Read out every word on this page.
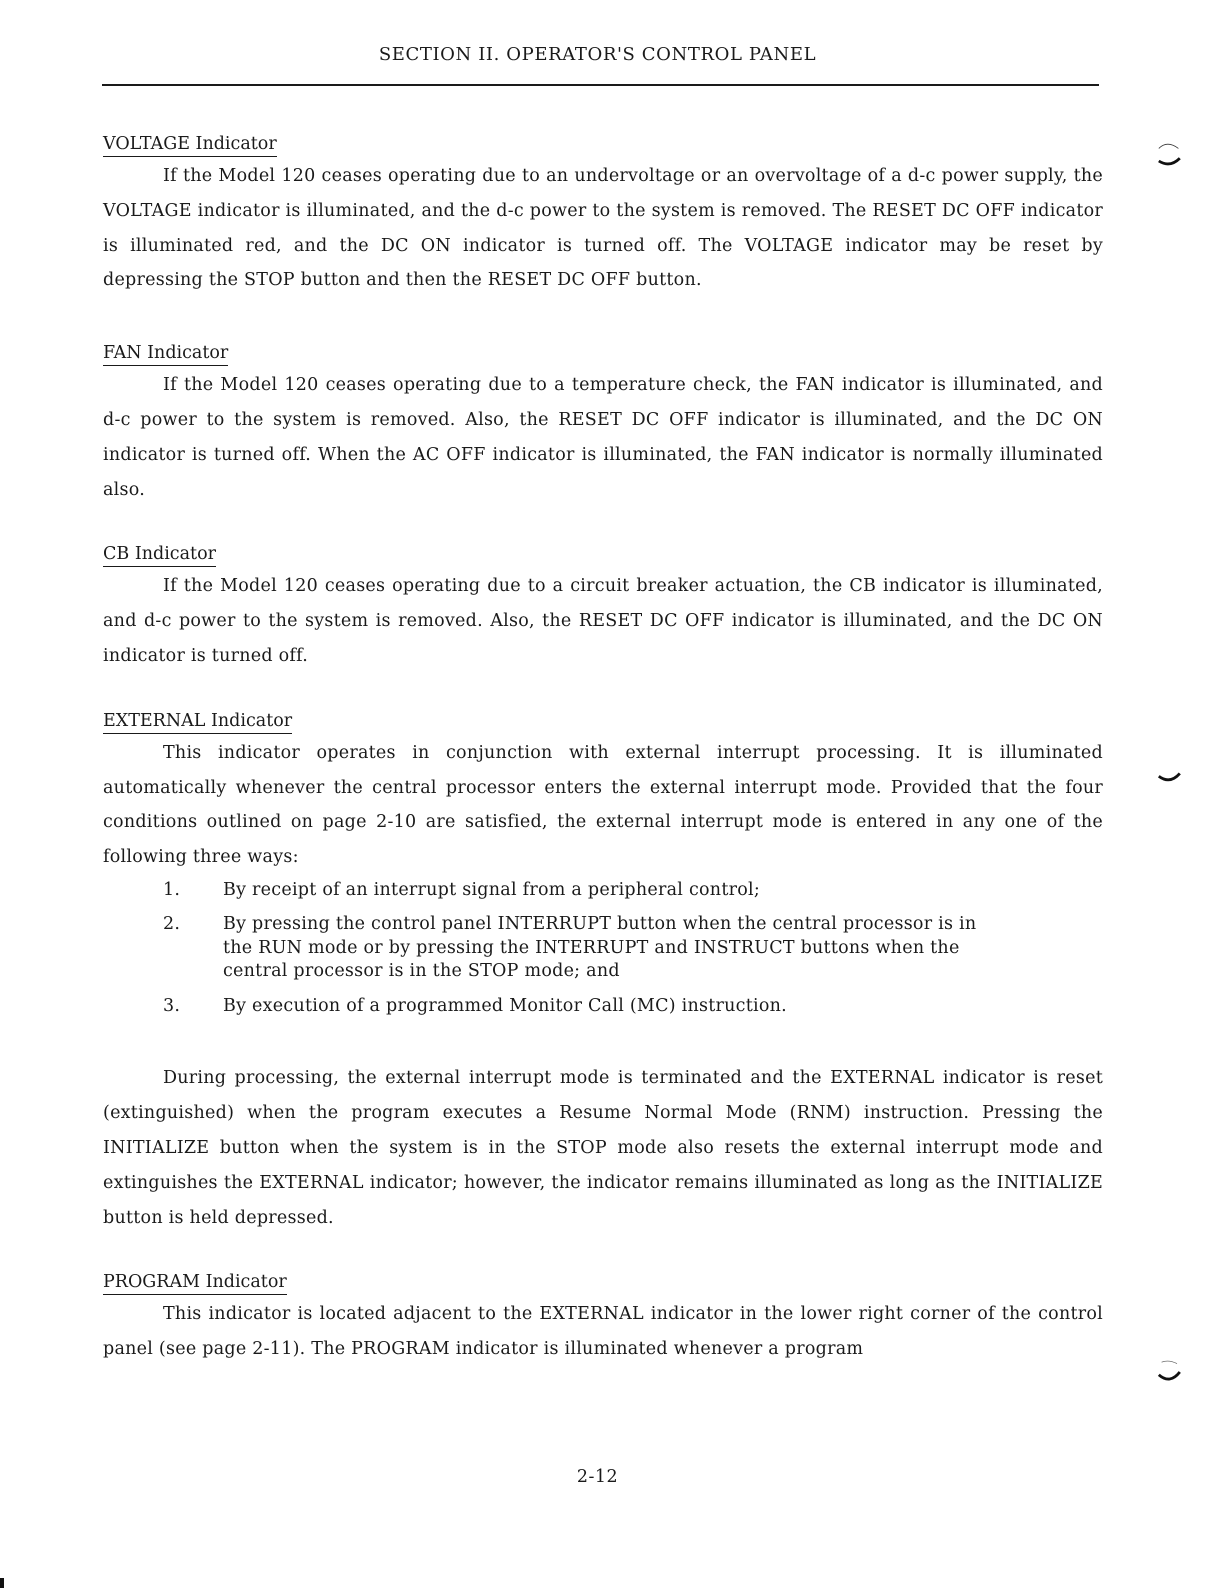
SECTION II. OPERATOR'S CONTROL PANEL
VOLTAGE Indicator

If the Model 120 ceases operating due to an undervoltage or an overvoltage of a d-c power supply, the VOLTAGE indicator is illuminated, and the d-c power to the system is removed. The RESET DC OFF indicator is illuminated red, and the DC ON indicator is turned off. The VOLTAGE indicator may be reset by depressing the STOP button and then the RESET DC OFF button.

FAN Indicator

If the Model 120 ceases operating due to a temperature check, the FAN indicator is illuminated, and d-c power to the system is removed. Also, the RESET DC OFF indicator is illuminated, and the DC ON indicator is turned off. When the AC OFF indicator is illuminated, the FAN indicator is normally illuminated also.

CB Indicator

If the Model 120 ceases operating due to a circuit breaker actuation, the CB indicator is illuminated, and d-c power to the system is removed. Also, the RESET DC OFF indicator is illuminated, and the DC ON indicator is turned off.

EXTERNAL Indicator

This indicator operates in conjunction with external interrupt processing. It is illuminated automatically whenever the central processor enters the external interrupt mode. Provided that the four conditions outlined on page 2-10 are satisfied, the external interrupt mode is entered in any one of the following three ways:

1.	By receipt of an interrupt signal from a peripheral control;
2.	By pressing the control panel INTERRUPT button when the central processor is in the RUN mode or by pressing the INTERRUPT and INSTRUCT buttons when the central processor is in the STOP mode; and
3.	By execution of a programmed Monitor Call (MC) instruction.

During processing, the external interrupt mode is terminated and the EXTERNAL indicator is reset (extinguished) when the program executes a Resume Normal Mode (RNM) instruction. Pressing the INITIALIZE button when the system is in the STOP mode also resets the external interrupt mode and extinguishes the EXTERNAL indicator; however, the indicator remains illuminated as long as the INITIALIZE button is held depressed.

PROGRAM Indicator

This indicator is located adjacent to the EXTERNAL indicator in the lower right corner of the control panel (see page 2-11). The PROGRAM indicator is illuminated whenever a program

2-12
